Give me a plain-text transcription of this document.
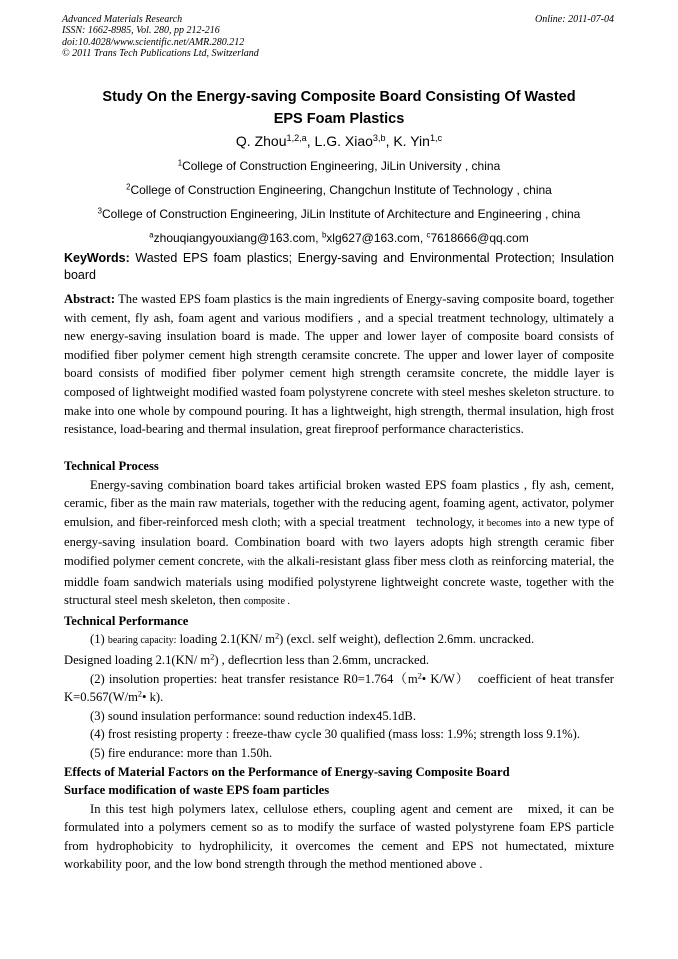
Advanced Materials Research
ISSN: 1662-8985, Vol. 280, pp 212-216
doi:10.4028/www.scientific.net/AMR.280.212
© 2011 Trans Tech Publications Ltd, Switzerland
Online: 2011-07-04
Study On the Energy-saving Composite Board Consisting Of Wasted
EPS Foam Plastics
Q. Zhou$^{1,2,a}$, L.G. Xiao$^{3,b}$, K. Yin$^{1,c}$
$^1$College of Construction Engineering, JiLin University , china
$^2$College of Construction Engineering, Changchun Institute of Technology , china
$^3$College of Construction Engineering, JiLin Institute of Architecture and Engineering , china
$^a$zhouqiangyouxiang@163.com, $^b$xlg627@163.com, $^c$7618666@qq.com
KeyWords: Wasted EPS foam plastics; Energy-saving and Environmental Protection; Insulation board

Abstract: The wasted EPS foam plastics is the main ingredients of Energy-saving composite board, together with cement, fly ash, foam agent and various modifiers , and a special treatment technology, ultimately a new energy-saving insulation board is made. The upper and lower layer of composite board consists of modified fiber polymer cement high strength ceramsite concrete. The upper and lower layer of composite board consists of modified fiber polymer cement high strength ceramsite concrete, the middle layer is composed of lightweight modified wasted foam polystyrene concrete with steel meshes skeleton structure. to make into one whole by compound pouring. It has a lightweight, high strength, thermal insulation, high frost resistance, load-bearing and thermal insulation, great fireproof performance characteristics.

Technical Process

Energy-saving combination board takes artificial broken wasted EPS foam plastics , fly ash, cement, ceramic, fiber as the main raw materials, together with the reducing agent, foaming agent, activator, polymer emulsion, and fiber-reinforced mesh cloth; with a special treatment   technology, it becomes into a new type of energy-saving insulation board. Combination board with two layers adopts high strength ceramic fiber modified polymer cement concrete, with the alkali-resistant glass fiber mess cloth as reinforcing material, the middle foam sandwich materials using modified polystyrene lightweight concrete waste, together with the structural steel mesh skeleton, then composite .

Technical Performance

(1) bearing capacity: loading 2.1(KN/ $m^2$) (excl. self weight), deflection 2.6mm. uncracked.

Designed loading 2.1(KN/ $m^2$) , deflecrtion less than 2.6mm, uncracked.

(2) insolution properties: heat transfer resistance $R0=1.764(m^2•$ K/W）  coefficient of heat transfer $K=0.567(W/m^2•$ k).

(3) sound insulation performance: sound reduction index45.1dB.

(4) frost resisting property : freeze-thaw cycle 30 qualified (mass loss: 1.9%; strength loss 9.1%).

(5) fire endurance: more than 1.50h.

Effects of Material Factors on the Performance of Energy-saving Composite Board

Surface modification of waste EPS foam particles

In this test high polymers latex, cellulose ethers, coupling agent and cement are   mixed, it can be formulated into a polymers cement so as to modify the surface of wasted polystyrene foam EPS particle from hydrophobicity to hydrophilicity, it overcomes the cement and EPS not humectated, mixture workability poor, and the low bond strength through the method mentioned above .
